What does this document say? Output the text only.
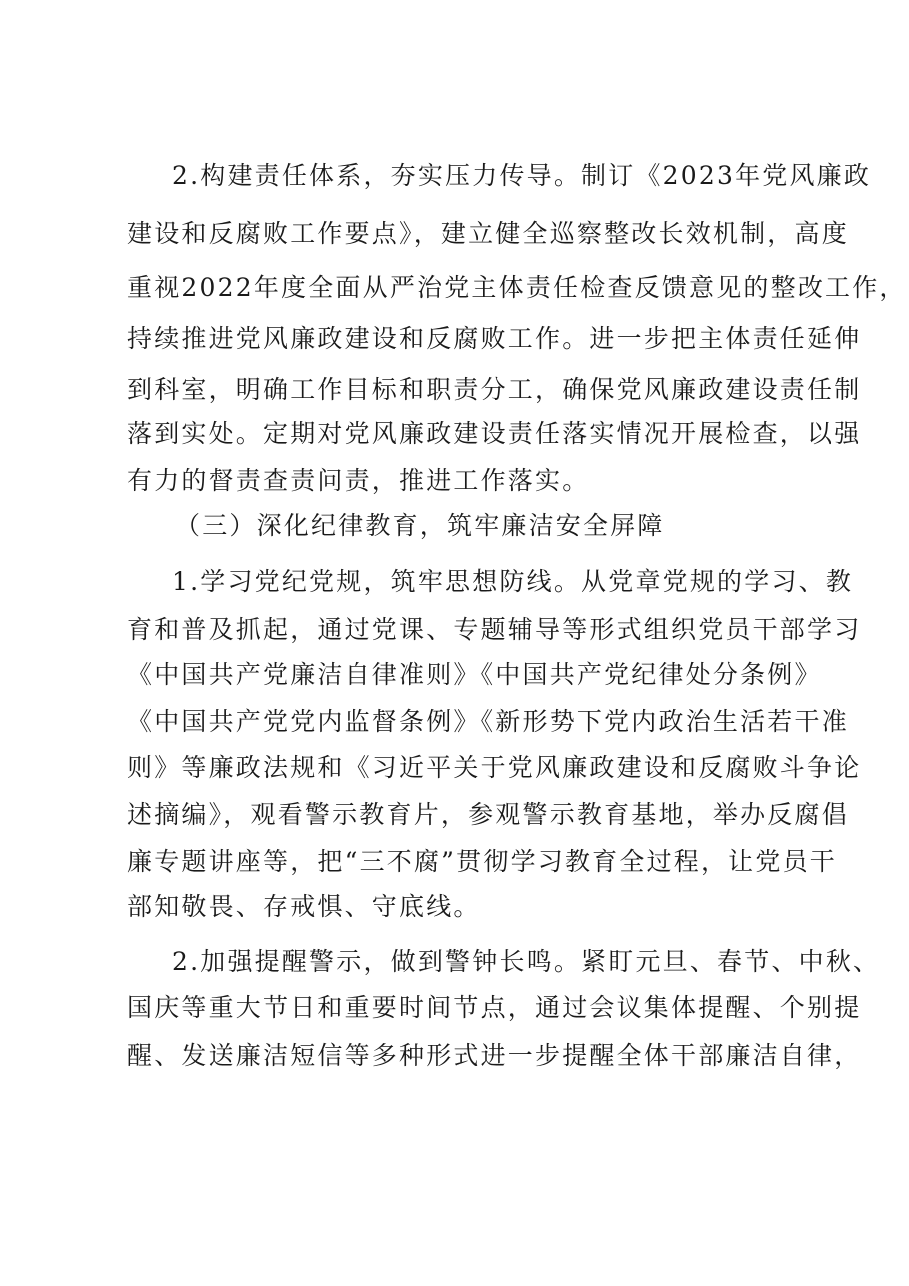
2.构建责任体系，夯实压力传导。制订《2023年党风廉政
建设和反腐败工作要点》，建立健全巡察整改长效机制，高度
重视2022年度全面从严治党主体责任检查反馈意见的整改工作，
持续推进党风廉政建设和反腐败工作。进一步把主体责任延伸
到科室，明确工作目标和职责分工，确保党风廉政建设责任制
落到实处。定期对党风廉政建设责任落实情况开展检查，以强
有力的督责查责问责，推进工作落实。
（三）深化纪律教育，筑牢廉洁安全屏障
1.学习党纪党规，筑牢思想防线。从党章党规的学习、教
育和普及抓起，通过党课、专题辅导等形式组织党员干部学习
《中国共产党廉洁自律准则》《中国共产党纪律处分条例》
《中国共产党党内监督条例》《新形势下党内政治生活若干准
则》等廉政法规和《习近平关于党风廉政建设和反腐败斗争论
述摘编》，观看警示教育片，参观警示教育基地，举办反腐倡
廉专题讲座等，把“三不腐”贯彻学习教育全过程，让党员干
部知敬畏、存戒惧、守底线。
2.加强提醒警示，做到警钟长鸣。紧盯元旦、春节、中秋、
国庆等重大节日和重要时间节点，通过会议集体提醒、个别提
醒、发送廉洁短信等多种形式进一步提醒全体干部廉洁自律，
